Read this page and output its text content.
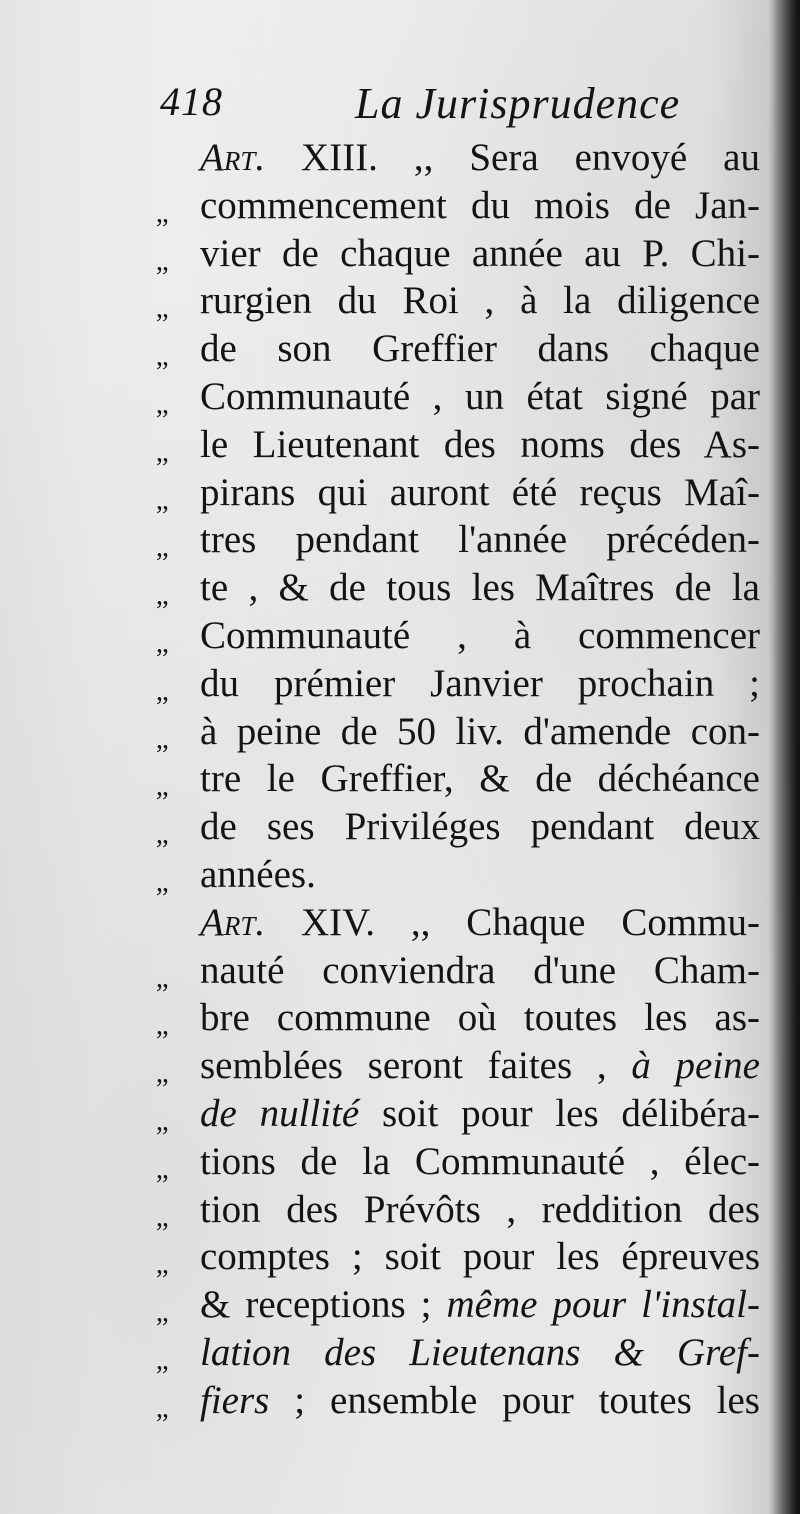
418	La Jurisprudence
Art. XIII. ,, Sera envoyé au
,, commencement du mois de Jan-
,, vier de chaque année au P. Chi-
,, rurgien du Roi , à la diligence
,, de son Greffier dans chaque
,, Communauté , un état signé par
,, le Lieutenant des noms des As-
,, pirans qui auront été reçus Maî-
,, tres pendant l'année précéden-
,, te , & de tous les Maîtres de la
,, Communauté , à commencer
,, du prémier Janvier prochain ;
,, à peine de 50 liv. d'amende con-
,, tre le Greffier, & de déchéance
,, de ses Priviléges pendant deux
,, années.
Art. XIV. ,, Chaque Commu-
,, nauté conviendra d'une Cham-
,, bre commune où toutes les as-
,, semblées seront faites , à peine
,, de nullité soit pour les délibéra-
,, tions de la Communauté , élec-
,, tion des Prévôts , reddition des
,, comptes ; soit pour les épreuves
,, & receptions ; même pour l'instal-
,, lation des Lieutenans & Gref-
,, fiers ; ensemble pour toutes les
